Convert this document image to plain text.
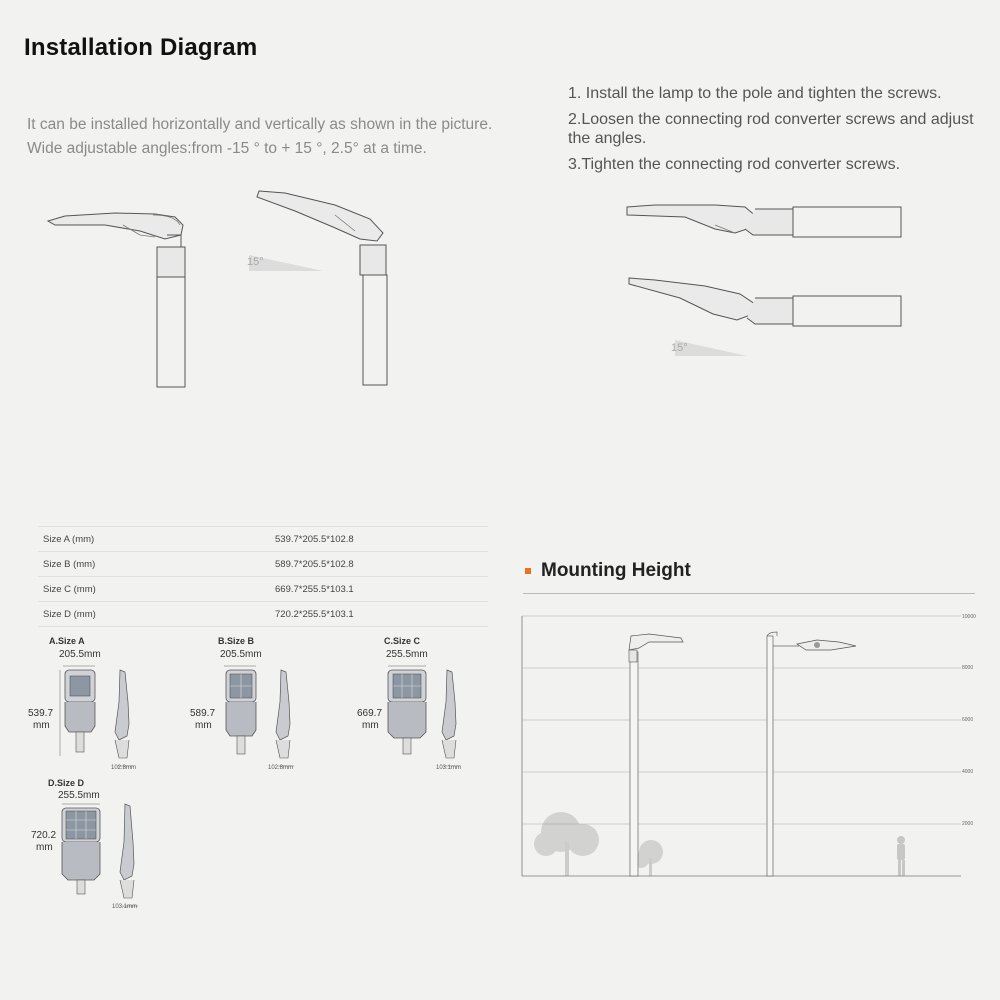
Installation Diagram
It can be installed horizontally and vertically as shown in the picture.
Wide adjustable angles:from -15 ° to + 15 °, 2.5° at a time.
1. Install the lamp to the pole and tighten the screws.
2.Loosen the connecting rod converter screws and adjust the angles.
3.Tighten the connecting rod converter screws.
15°
15°
Size A (mm)	539.7*205.5*102.8
Size B (mm)	589.7*205.5*102.8
Size C (mm)	669.7*255.5*103.1
Size D (mm)	720.2*255.5*103.1
A.Size A
205.5mm
539.7
mm
102.8mm
B.Size B
205.5mm
589.7
mm
102.8mm
C.Size C
255.5mm
669.7
mm
103.1mm
D.Size D
255.5mm
720.2
mm
103.1mm
Mounting Height
10000
8000
6000
4000
2000
